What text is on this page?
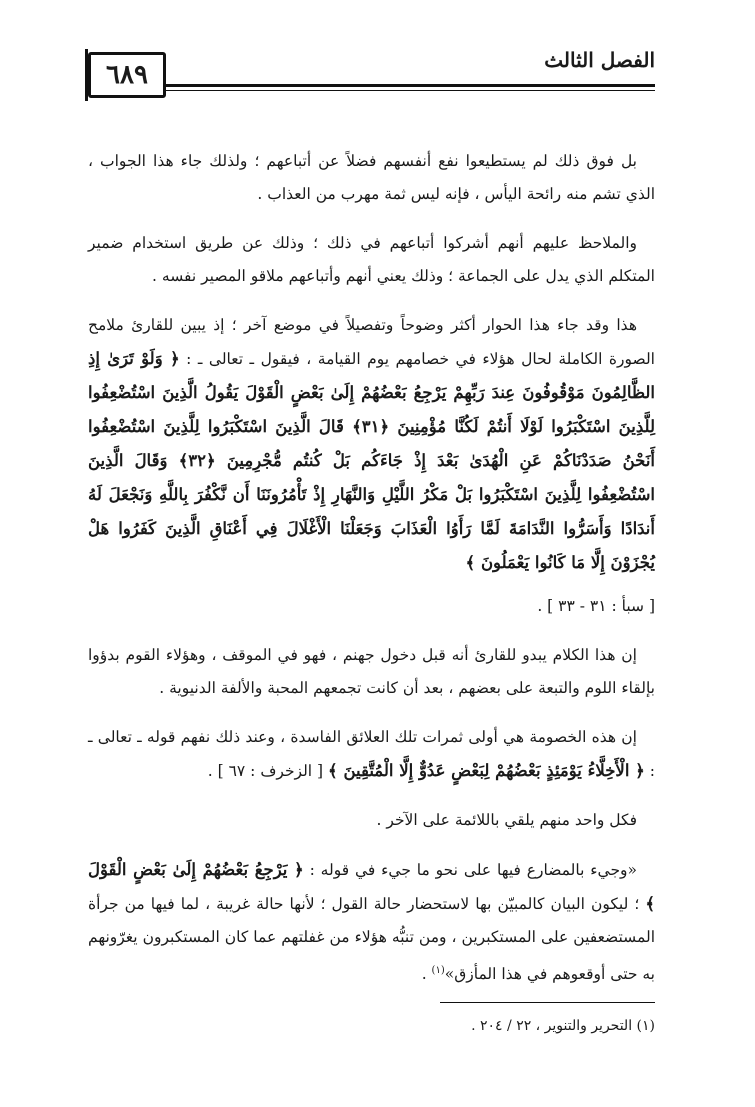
٦٨٩	الفصل الثالث

بل فوق ذلك لم يستطيعوا نفع أنفسهم فضلاً عن أتباعهم ؛ ولذلك جاء هذا الجواب ، الذي تشم منه رائحة اليأس ، فإنه ليس ثمة مهرب من العذاب .

والملاحظ عليهم أنهم أشركوا أتباعهم في ذلك ؛ وذلك عن طريق استخدام ضمير المتكلم الذي يدل على الجماعة ؛ وذلك يعني أنهم وأتباعهم ملاقو المصير نفسه .

هذا وقد جاء هذا الحوار أكثر وضوحاً وتفصيلاً في موضع آخر ؛ إذ يبين للقارئ ملامح الصورة الكاملة لحال هؤلاء في خصامهم يوم القيامة ، فيقول ـ تعالى ـ : ﴿ وَلَوْ تَرَىٰ إِذِ الظَّالِمُونَ مَوْقُوفُونَ عِندَ رَبِّهِمْ يَرْجِعُ بَعْضُهُمْ إِلَىٰ بَعْضٍ الْقَوْلَ يَقُولُ الَّذِينَ اسْتُضْعِفُوا لِلَّذِينَ اسْتَكْبَرُوا لَوْلَا أَنتُمْ لَكُنَّا مُؤْمِنِينَ ﴿٣١﴾ قَالَ الَّذِينَ اسْتَكْبَرُوا لِلَّذِينَ اسْتُضْعِفُوا أَنَحْنُ صَدَدْنَاكُمْ عَنِ الْهُدَىٰ بَعْدَ إِذْ جَاءَكُم بَلْ كُنتُم مُّجْرِمِينَ ﴿٣٢﴾ وَقَالَ الَّذِينَ اسْتُضْعِفُوا لِلَّذِينَ اسْتَكْبَرُوا بَلْ مَكْرُ اللَّيْلِ وَالنَّهَارِ إِذْ تَأْمُرُونَنَا أَن نَّكْفُرَ بِاللَّهِ وَنَجْعَلَ لَهُ أَندَادًا وَأَسَرُّوا النَّدَامَةَ لَمَّا رَأَوُا الْعَذَابَ وَجَعَلْنَا الْأَغْلَالَ فِي أَعْنَاقِ الَّذِينَ كَفَرُوا هَلْ يُجْزَوْنَ إِلَّا مَا كَانُوا يَعْمَلُونَ ﴾

[ سبأ : ٣١ - ٣٣ ] .

إن هذا الكلام يبدو للقارئ أنه قبل دخول جهنم ، فهو في الموقف ، وهؤلاء القوم بدؤوا بإلقاء اللوم والتبعة على بعضهم ، بعد أن كانت تجمعهم المحبة والألفة الدنيوية .

إن هذه الخصومة هي أولى ثمرات تلك العلائق الفاسدة ، وعند ذلك نفهم قوله ـ تعالى ـ : ﴿ الْأَخِلَّاءُ يَوْمَئِذٍ بَعْضُهُمْ لِبَعْضٍ عَدُوٌّ إِلَّا الْمُتَّقِينَ ﴾ [ الزخرف : ٦٧ ] .

فكل واحد منهم يلقي باللائمة على الآخر .

«وجيء بالمضارع فيها على نحو ما جيء في قوله : ﴿ يَرْجِعُ بَعْضُهُمْ إِلَىٰ بَعْضٍ الْقَوْلَ ﴾ ؛ ليكون البيان كالمبيّن بها لاستحضار حالة القول ؛ لأنها حالة غريبة ، لما فيها من جرأة المستضعفين على المستكبرين ، ومن تنبُّه هؤلاء من غفلتهم عما كان المستكبرون يغرّونهم به حتى أوقعوهم في هذا المأزق»$^{(١)}$ .

(١) التحرير والتنوير ، ٢٢ / ٢٠٤ .
